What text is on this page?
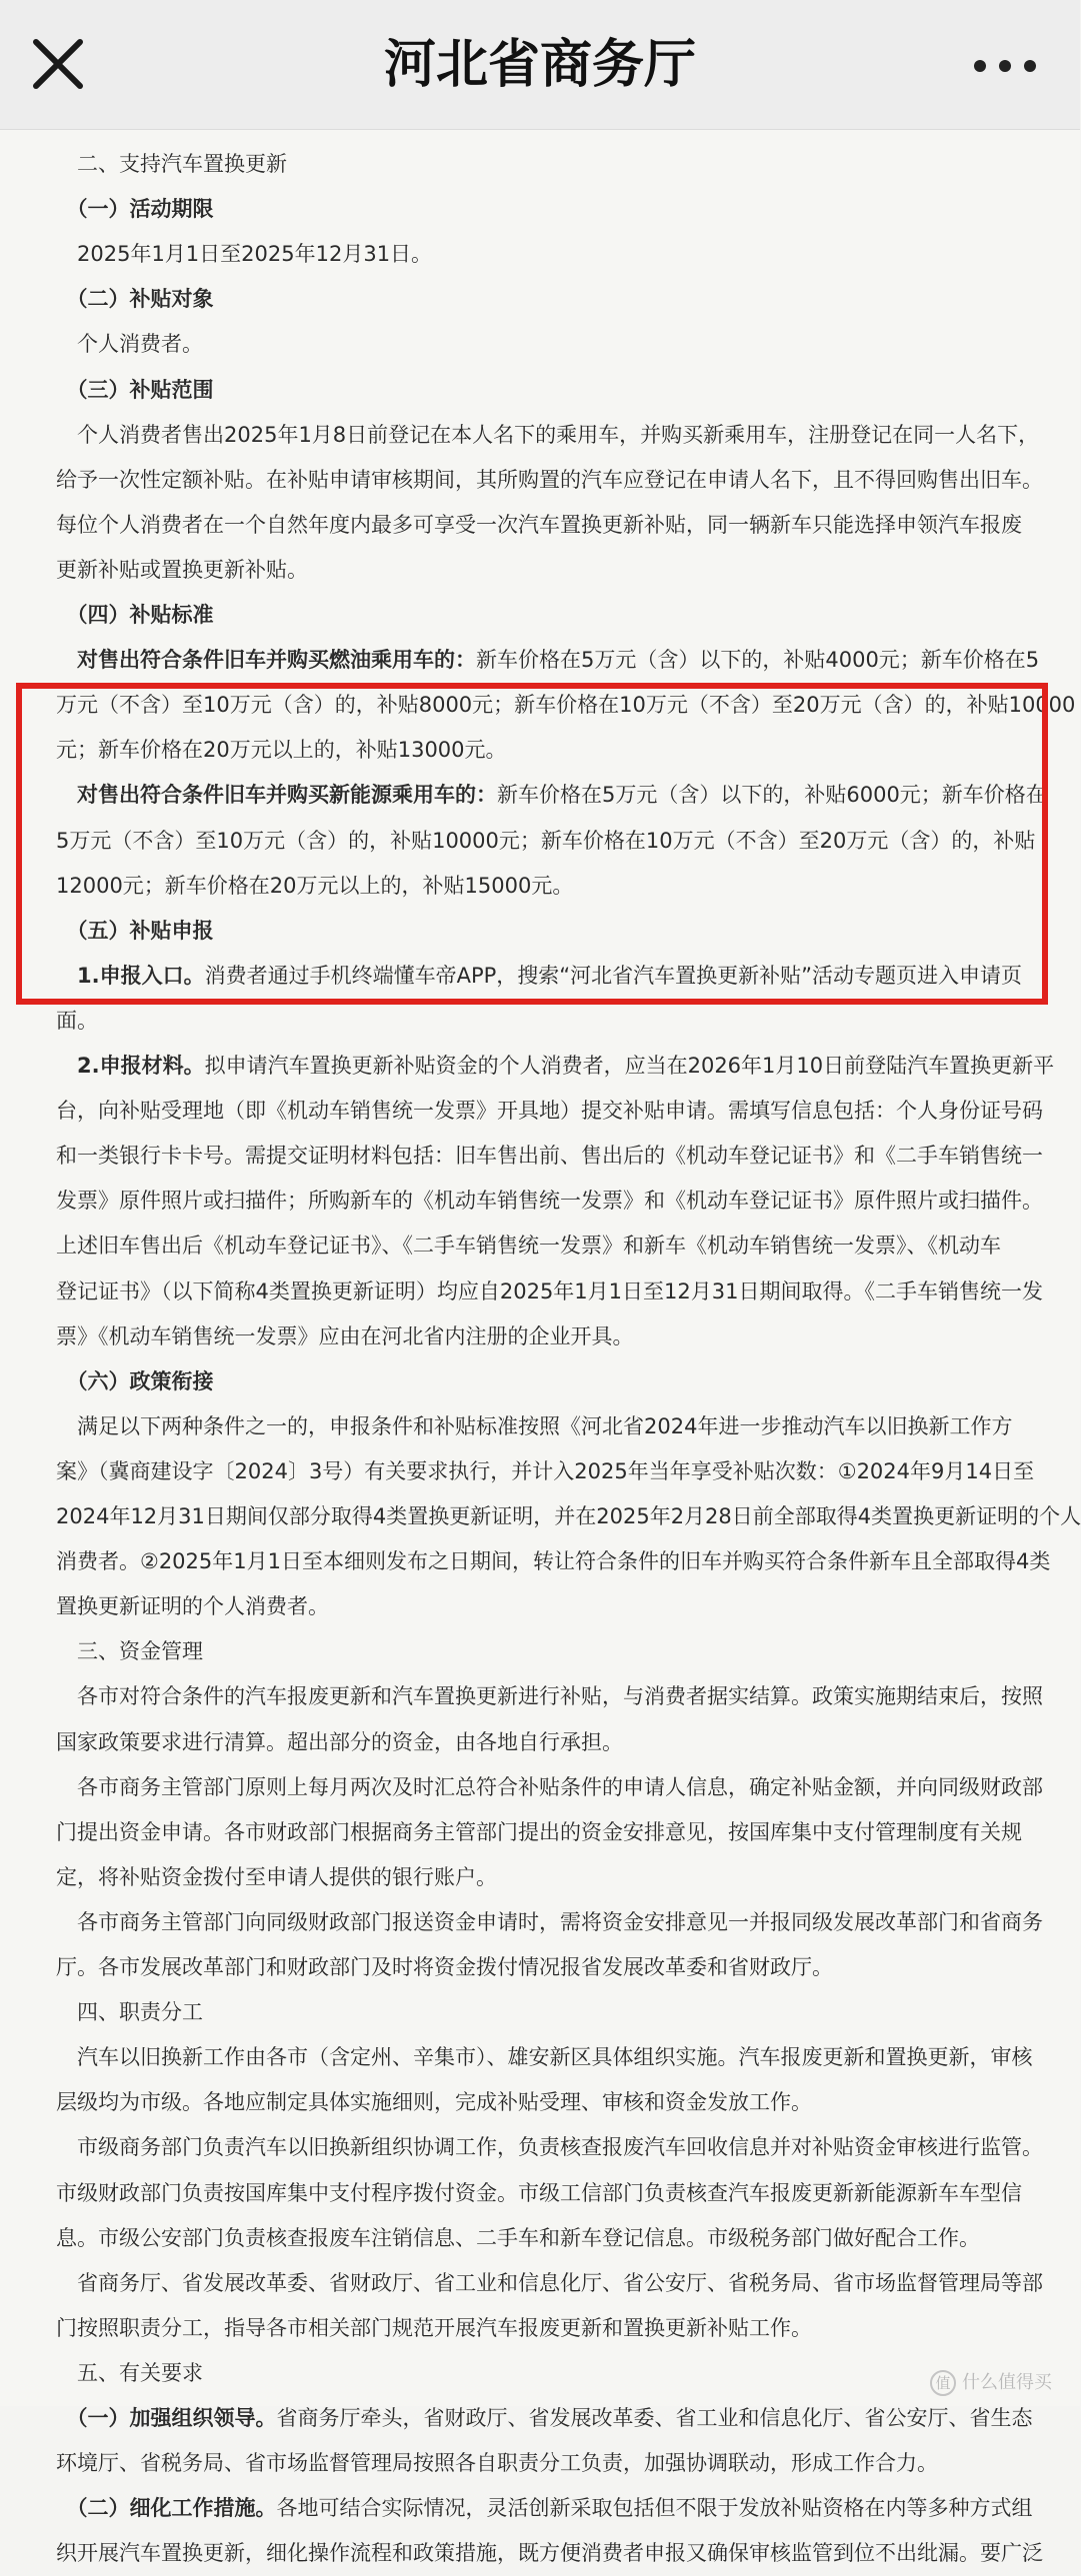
河北省商务厅
织开展汽车置换更新，细化操作流程和政策措施，既方便消费者申报又确保审核监管到位不出纰漏。要广泛
　（二）细化工作措施。各地可结合实际情况，灵活创新采取包括但不限于发放补贴资格在内等多种方式组
环境厅、省税务局、省市场监督管理局按照各自职责分工负责，加强协调联动，形成工作合力。
　（一）加强组织领导。省商务厅牵头，省财政厅、省发展改革委、省工业和信息化厅、省公安厅、省生态
　五、有关要求
门按照职责分工，指导各市相关部门规范开展汽车报废更新和置换更新补贴工作。
　省商务厅、省发展改革委、省财政厅、省工业和信息化厅、省公安厅、省税务局、省市场监督管理局等部
息。市级公安部门负责核查报废车注销信息、二手车和新车登记信息。市级税务部门做好配合工作。
市级财政部门负责按国库集中支付程序拨付资金。市级工信部门负责核查汽车报废更新新能源新车车型信
　市级商务部门负责汽车以旧换新组织协调工作，负责核查报废汽车回收信息并对补贴资金审核进行监管。
层级均为市级。各地应制定具体实施细则，完成补贴受理、审核和资金发放工作。
　汽车以旧换新工作由各市（含定州、辛集市）、雄安新区具体组织实施。汽车报废更新和置换更新，审核
　四、职责分工
厅。各市发展改革部门和财政部门及时将资金拨付情况报省发展改革委和省财政厅。
　各市商务主管部门向同级财政部门报送资金申请时，需将资金安排意见一并报同级发展改革部门和省商务
定，将补贴资金拨付至申请人提供的银行账户。
门提出资金申请。各市财政部门根据商务主管部门提出的资金安排意见，按国库集中支付管理制度有关规
　各市商务主管部门原则上每月两次及时汇总符合补贴条件的申请人信息，确定补贴金额，并向同级财政部
国家政策要求进行清算。超出部分的资金，由各地自行承担。
　各市对符合条件的汽车报废更新和汽车置换更新进行补贴，与消费者据实结算。政策实施期结束后，按照
　三、资金管理
置换更新证明的个人消费者。
消费者。②2025年1月1日至本细则发布之日期间，转让符合条件的旧车并购买符合条件新车且全部取得4类
2024年12月31日期间仅部分取得4类置换更新证明，并在2025年2月28日前全部取得4类置换更新证明的个人
案》（冀商建设字〔2024〕3号）有关要求执行，并计入2025年当年享受补贴次数：①2024年9月14日至
　满足以下两种条件之一的，申报条件和补贴标准按照《河北省2024年进一步推动汽车以旧换新工作方
　（六）政策衔接
票》《机动车销售统一发票》应由在河北省内注册的企业开具。
登记证书》（以下简称4类置换更新证明）均应自2025年1月1日至12月31日期间取得。《二手车销售统一发
上述旧车售出后《机动车登记证书》、《二手车销售统一发票》和新车《机动车销售统一发票》、《机动车
发票》原件照片或扫描件；所购新车的《机动车销售统一发票》和《机动车登记证书》原件照片或扫描件。
和一类银行卡卡号。需提交证明材料包括：旧车售出前、售出后的《机动车登记证书》和《二手车销售统一
台，向补贴受理地（即《机动车销售统一发票》开具地）提交补贴申请。需填写信息包括：个人身份证号码
　2.申报材料。拟申请汽车置换更新补贴资金的个人消费者，应当在2026年1月10日前登陆汽车置换更新平
面。
　1.申报入口。消费者通过手机终端懂车帝APP，搜索“河北省汽车置换更新补贴”活动专题页进入申请页
　（五）补贴申报
12000元；新车价格在20万元以上的，补贴15000元。
5万元（不含）至10万元（含）的，补贴10000元；新车价格在10万元（不含）至20万元（含）的，补贴
　对售出符合条件旧车并购买新能源乘用车的：新车价格在5万元（含）以下的，补贴6000元；新车价格在
元；新车价格在20万元以上的，补贴13000元。
万元（不含）至10万元（含）的，补贴8000元；新车价格在10万元（不含）至20万元（含）的，补贴10000
　对售出符合条件旧车并购买燃油乘用车的：新车价格在5万元（含）以下的，补贴4000元；新车价格在5
　（四）补贴标准
更新补贴或置换更新补贴。
每位个人消费者在一个自然年度内最多可享受一次汽车置换更新补贴，同一辆新车只能选择申领汽车报废
给予一次性定额补贴。在补贴申请审核期间，其所购置的汽车应登记在申请人名下，且不得回购售出旧车。
　个人消费者售出2025年1月8日前登记在本人名下的乘用车，并购买新乘用车，注册登记在同一人名下，
　（三）补贴范围
　个人消费者。
　（二）补贴对象
　2025年1月1日至2025年12月31日。
　（一）活动期限
　二、支持汽车置换更新
值 什么值得买
